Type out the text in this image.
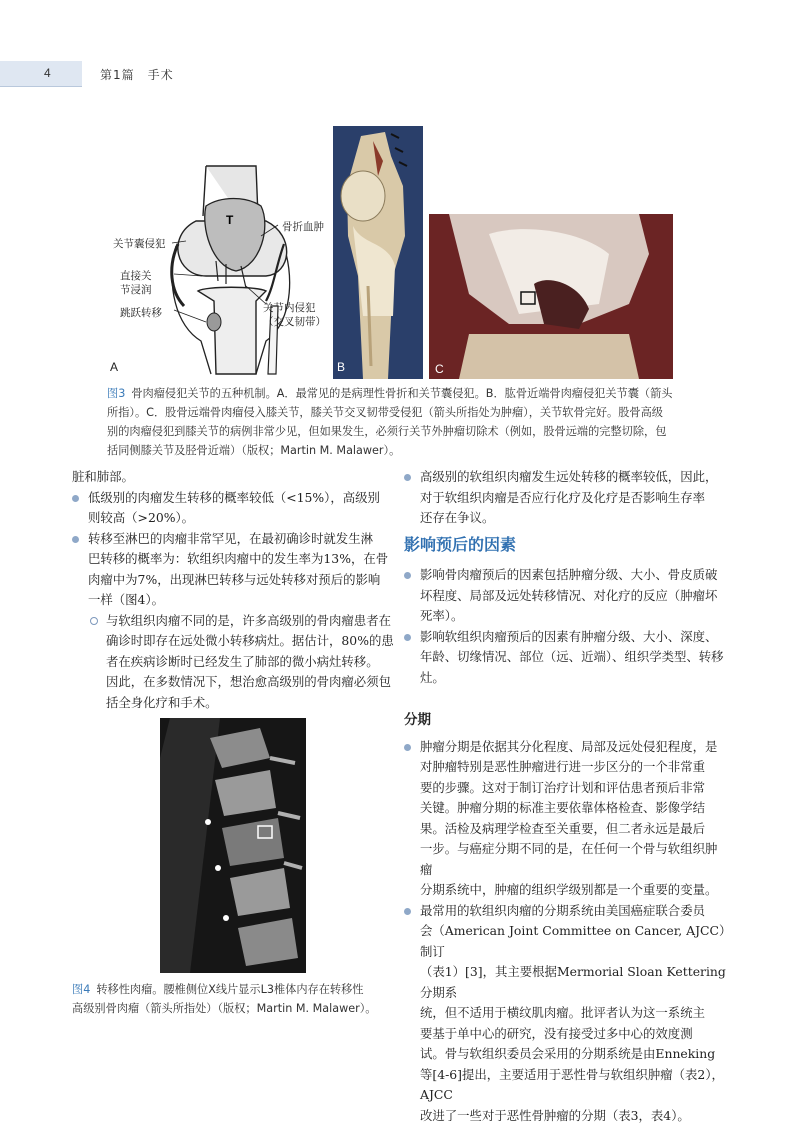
4	第1篇　手术
T
A
关节囊侵犯
骨折血肿
直接关
节浸润
跳跃转移	关节内侵犯
（交叉韧带）
B	C
图3 骨肉瘤侵犯关节的五种机制。A．最常见的是病理性骨折和关节囊侵犯。B．肱骨近端骨肉瘤侵犯关节囊（箭头
所指）。C．股骨远端骨肉瘤侵入膝关节，膝关节交叉韧带受侵犯（箭头所指处为肿瘤），关节软骨完好。股骨高级
别的肉瘤侵犯到膝关节的病例非常少见，但如果发生，必须行关节外肿瘤切除术（例如，股骨远端的完整切除，包
括同侧膝关节及胫骨近端）（版权；Martin M. Malawer）。

脏和肺部。

低级别的肉瘤发生转移的概率较低（<15%），高级别
则较高（>20%）。
转移至淋巴的肉瘤非常罕见，在最初确诊时就发生淋
巴转移的概率为：软组织肉瘤中的发生率为13%，在骨
肉瘤中为7%，出现淋巴转移与远处转移对预后的影响
一样（图4）。
与软组织肉瘤不同的是，许多高级别的骨肉瘤患者在
确诊时即存在远处微小转移病灶。据估计，80%的患
者在疾病诊断时已经发生了肺部的微小病灶转移。
因此，在多数情况下，想治愈高级别的骨肉瘤必须包
括全身化疗和手术。
图4 转移性肉瘤。腰椎侧位X线片显示L3椎体内存在转移性
高级别骨肉瘤（箭头所指处）（版权；Martin M. Malawer）。
高级别的软组织肉瘤发生远处转移的概率较低，因此，
对于软组织肉瘤是否应行化疗及化疗是否影响生存率
还存在争议。
影响预后的因素
影响骨肉瘤预后的因素包括肿瘤分级、大小、骨皮质破
坏程度、局部及远处转移情况、对化疗的反应（肿瘤坏
死率）。
影响软组织肉瘤预后的因素有肿瘤分级、大小、深度、
年龄、切缘情况、部位（远、近端）、组织学类型、转移灶。
分期
肿瘤分期是依据其分化程度、局部及远处侵犯程度，是
对肿瘤特别是恶性肿瘤进行进一步区分的一个非常重
要的步骤。这对于制订治疗计划和评估患者预后非常
关键。肿瘤分期的标准主要依靠体格检查、影像学结
果。活检及病理学检查至关重要，但二者永远是最后
一步。与癌症分期不同的是，在任何一个骨与软组织肿瘤
分期系统中，肿瘤的组织学级别都是一个重要的变量。
最常用的软组织肉瘤的分期系统由美国癌症联合委员
会（American Joint Committee on Cancer, AJCC）制订
（表1）[3]，其主要根据Mermorial Sloan Kettering分期系
统，但不适用于横纹肌肉瘤。批评者认为这一系统主
要基于单中心的研究，没有接受过多中心的效度测
试。骨与软组织委员会采用的分期系统是由Enneking
等[4-6]提出，主要适用于恶性骨与软组织肿瘤（表2），AJCC
改进了一些对于恶性骨肿瘤的分期（表3，表4）。
